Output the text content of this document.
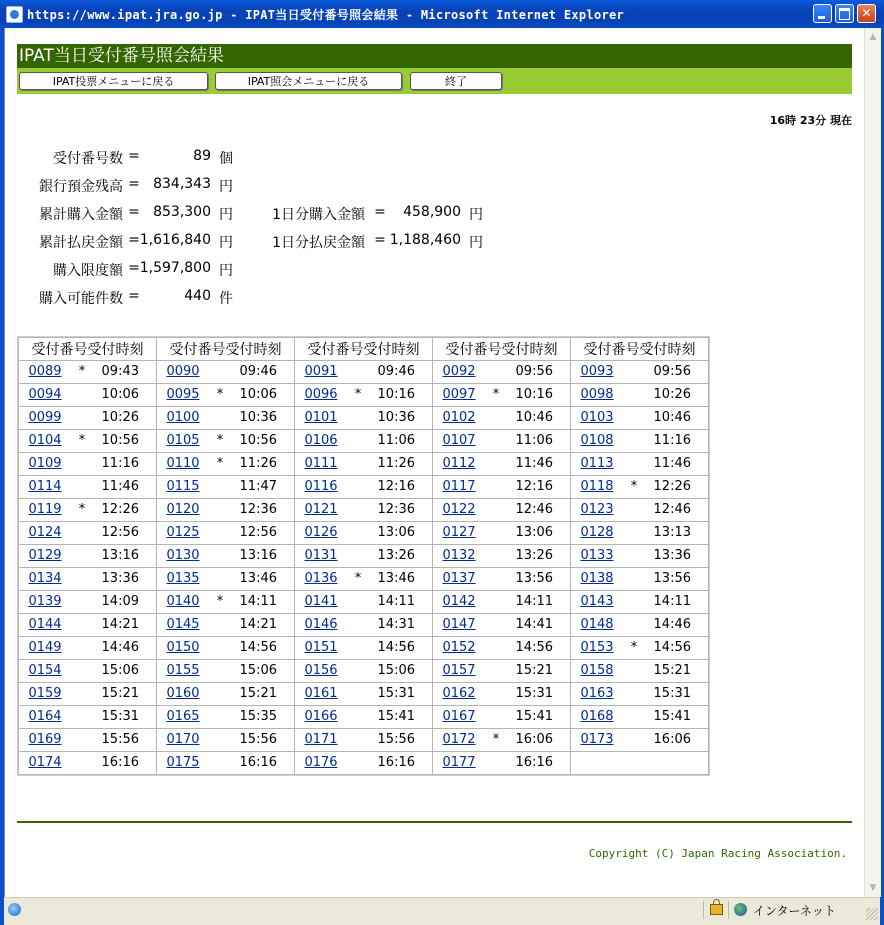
https://www.ipat.jra.go.jp - IPAT当日受付番号照会結果 - Microsoft Internet Explorer	✕
IPAT当日受付番号照会結果
IPAT投票メニューに戻る	IPAT照会メニューに戻る	終了
16時 23分 現在
受付番号数 =	89 個
銀行預金残高 = 834,343 円
累計購入金額 = 853,300 円	1日分購入金額 =	458,900 円
累計払戻金額 = 1,616,840 円	1日分払戻金額 = 1,188,460 円
購入限度額 = 1,597,800 円
購入可能件数 =	440 件
受付番号受付時刻	受付番号受付時刻	受付番号受付時刻	受付番号受付時刻	受付番号受付時刻

0089 * 09:43	0090 09:46	0091 09:46	0092 09:56	0093 09:56

0094 10:06	0095 * 10:06	0096 * 10:16	0097 * 10:16	0098 10:26

0099 10:26	0100 10:36	0101 10:36	0102 10:46	0103 10:46

0104 * 10:56	0105 * 10:56	0106 11:06	0107 11:06	0108 11:16

0109 11:16	0110 * 11:26	0111 11:26	0112 11:46	0113 11:46

0114 11:46	0115 11:47	0116 12:16	0117 12:16	0118 * 12:26

0119 * 12:26	0120 12:36	0121 12:36	0122 12:46	0123 12:46

0124 12:56	0125 12:56	0126 13:06	0127 13:06	0128 13:13

0129 13:16	0130 13:16	0131 13:26	0132 13:26	0133 13:36

0134 13:36	0135 13:46	0136 * 13:46	0137 13:56	0138 13:56

0139 14:09	0140 * 14:11	0141 14:11	0142 14:11	0143 14:11

0144 14:21	0145 14:21	0146 14:31	0147 14:41	0148 14:46

0149 14:46	0150 14:56	0151 14:56	0152 14:56	0153 * 14:56

0154 15:06	0155 15:06	0156 15:06	0157 15:21	0158 15:21

0159 15:21	0160 15:21	0161 15:31	0162 15:31	0163 15:31

0164 15:31	0165 15:35	0166 15:41	0167 15:41	0168 15:41

0169 15:56	0170 15:56	0171 15:56	0172 * 16:06	0173 16:06

0174 16:16	0175 16:16	0176 16:16	0177 16:16	

Copyright (C) Japan Racing Association.
▲
▼
インターネット
